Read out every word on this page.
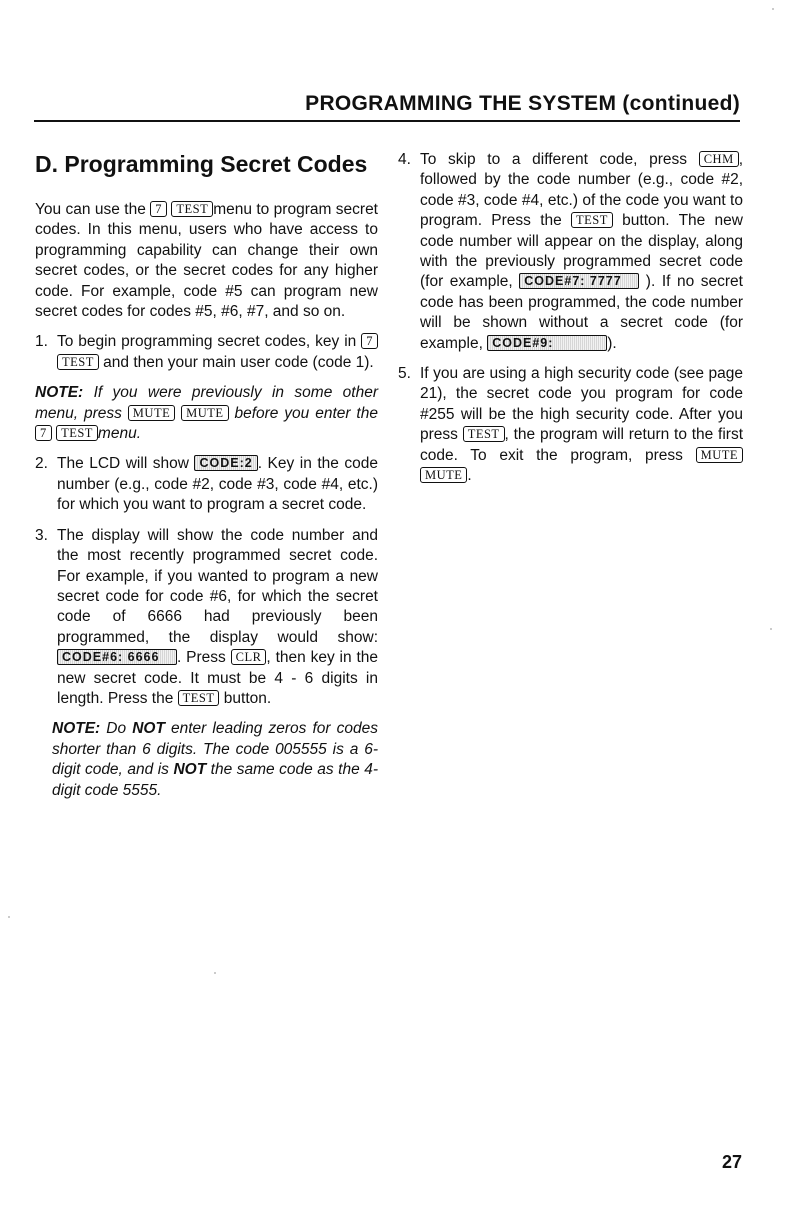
PROGRAMMING THE SYSTEM (continued)
D. Programming Secret Codes

You can use the 7 TEST menu to program secret codes. In this menu, users who have access to programming capability can change their own secret codes, or the secret codes for any higher code. For example, code #5 can program new secret codes for codes #5, #6, #7, and so on.

1. To begin programming secret codes, key in 7 TEST and then your main user code (code 1).

NOTE: If you were previously in some other menu, press MUTE MUTE before you enter the 7 TEST menu.

2. The LCD will show CODE:2 . Key in the code number (e.g., code #2, code #3, code #4, etc.) for which you want to program a secret code.
3. The display will show the code number and the most recently programmed secret code. For example, if you wanted to program a new secret code for code #6, for which the secret code of 6666 had previously been programmed, the display would show: CODE#6: 6666 . Press CLR , then key in the new secret code. It must be 4 - 6 digits in length. Press the TEST button.

NOTE: Do NOT enter leading zeros for codes shorter than 6 digits. The code 005555 is a 6-digit code, and is NOT the same code as the 4-digit code 5555.

4. To skip to a different code, press CHM , followed by the code number (e.g., code #2, code #3, code #4, etc.) of the code you want to program. Press the TEST button. The new code number will appear on the display, along with the previously programmed secret code (for example, CODE#7: 7777 ). If no secret code has been programmed, the code number will be shown without a secret code (for example, CODE#9:	).
5. If you are using a high security code (see page 21), the secret code you program for code #255 will be the high security code. After you press TEST , the program will return to the first code. To exit the program, press MUTE MUTE .
27
